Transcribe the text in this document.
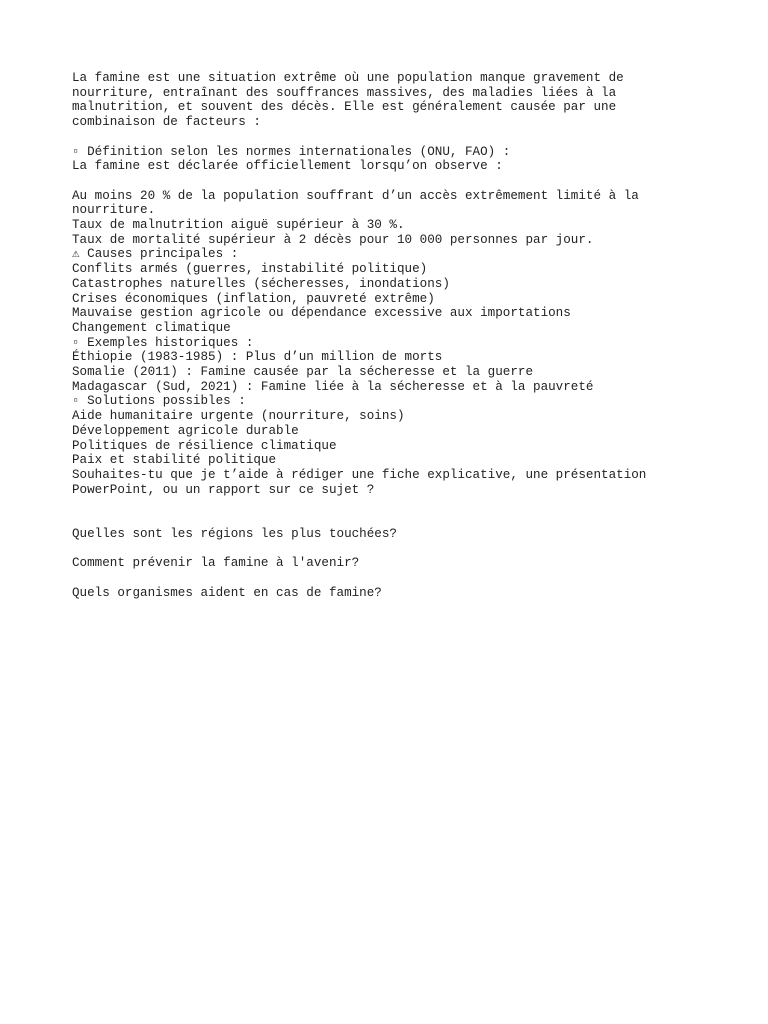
La famine est une situation extrême où une population manque gravement de

nourriture, entraînant des souffrances massives, des maladies liées à la

malnutrition, et souvent des décès. Elle est généralement causée par une

combinaison de facteurs :

▫ Définition selon les normes internationales (ONU, FAO) :

La famine est déclarée officiellement lorsqu’on observe :

Au moins 20 % de la population souffrant d’un accès extrêmement limité à la

nourriture.

Taux de malnutrition aiguë supérieur à 30 %.

Taux de mortalité supérieur à 2 décès pour 10 000 personnes par jour.

⚠ Causes principales :

Conflits armés (guerres, instabilité politique)

Catastrophes naturelles (sécheresses, inondations)

Crises économiques (inflation, pauvreté extrême)

Mauvaise gestion agricole ou dépendance excessive aux importations

Changement climatique

▫ Exemples historiques :

Éthiopie (1983-1985) : Plus d’un million de morts

Somalie (2011) : Famine causée par la sécheresse et la guerre

Madagascar (Sud, 2021) : Famine liée à la sécheresse et à la pauvreté

▫ Solutions possibles :

Aide humanitaire urgente (nourriture, soins)

Développement agricole durable

Politiques de résilience climatique

Paix et stabilité politique

Souhaites-tu que je t’aide à rédiger une fiche explicative, une présentation

PowerPoint, ou un rapport sur ce sujet ?

Quelles sont les régions les plus touchées?

Comment prévenir la famine à l'avenir?

Quels organismes aident en cas de famine?
